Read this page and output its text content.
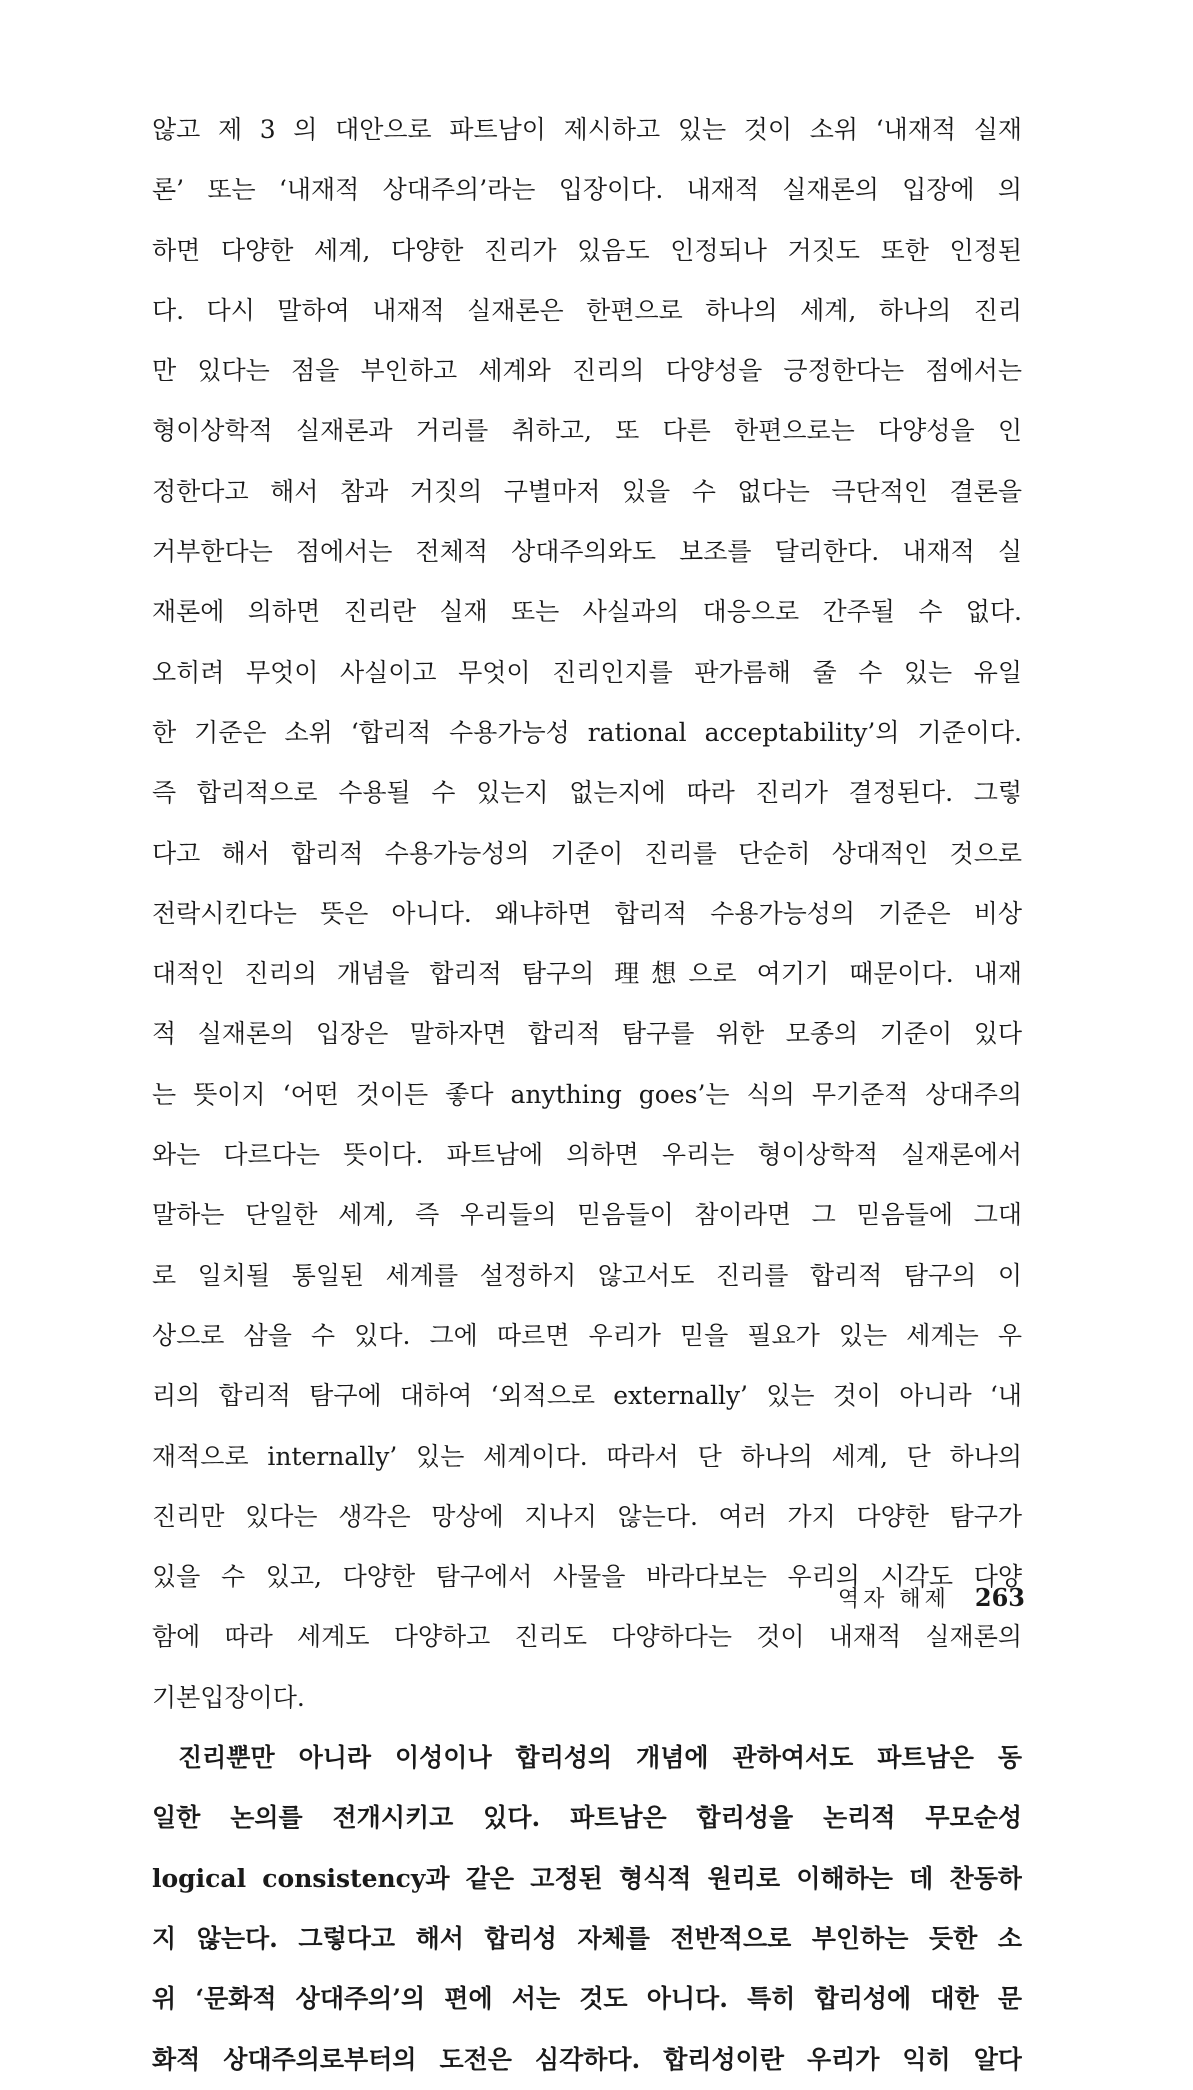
않고 제 3 의 대안으로 파트남이 제시하고 있는 것이 소위 ‘내재적 실재
론’ 또는 ‘내재적 상대주의’라는 입장이다. 내재적 실재론의 입장에 의
하면 다양한 세계, 다양한 진리가 있음도 인정되나 거짓도 또한 인정된
다. 다시 말하여 내재적 실재론은 한편으로 하나의 세계, 하나의 진리
만 있다는 점을 부인하고 세계와 진리의 다양성을 긍정한다는 점에서는
형이상학적 실재론과 거리를 취하고, 또 다른 한편으로는 다양성을 인
정한다고 해서 참과 거짓의 구별마저 있을 수 없다는 극단적인 결론을
거부한다는 점에서는 전체적 상대주의와도 보조를 달리한다. 내재적 실
재론에 의하면 진리란 실재 또는 사실과의 대응으로 간주될 수 없다.
오히려 무엇이 사실이고 무엇이 진리인지를 판가름해 줄 수 있는 유일
한 기준은 소위 ‘합리적 수용가능성 rational acceptability’의 기준이다.
즉 합리적으로 수용될 수 있는지 없는지에 따라 진리가 결정된다. 그렇
다고 해서 합리적 수용가능성의 기준이 진리를 단순히 상대적인 것으로
전락시킨다는 뜻은 아니다. 왜냐하면 합리적 수용가능성의 기준은 비상
대적인 진리의 개념을 합리적 탐구의 理想으로 여기기 때문이다. 내재
적 실재론의 입장은 말하자면 합리적 탐구를 위한 모종의 기준이 있다
는 뜻이지 ‘어떤 것이든 좋다 anything goes’는 식의 무기준적 상대주의
와는 다르다는 뜻이다. 파트남에 의하면 우리는 형이상학적 실재론에서
말하는 단일한 세계, 즉 우리들의 믿음들이 참이라면 그 믿음들에 그대
로 일치될 통일된 세계를 설정하지 않고서도 진리를 합리적 탐구의 이
상으로 삼을 수 있다. 그에 따르면 우리가 믿을 필요가 있는 세계는 우
리의 합리적 탐구에 대하여 ‘외적으로 externally’ 있는 것이 아니라 ‘내
재적으로 internally’ 있는 세계이다. 따라서 단 하나의 세계, 단 하나의
진리만 있다는 생각은 망상에 지나지 않는다. 여러 가지 다양한 탐구가
있을 수 있고, 다양한 탐구에서 사물을 바라다보는 우리의 시각도 다양
함에 따라 세계도 다양하고 진리도 다양하다는 것이 내재적 실재론의
기본입장이다.
진리뿐만 아니라 이성이나 합리성의 개념에 관하여서도 파트남은 동
일한 논의를 전개시키고 있다. 파트남은 합리성을 논리적 무모순성
logical consistency과 같은 고정된 형식적 원리로 이해하는 데 찬동하
지 않는다. 그렇다고 해서 합리성 자체를 전반적으로 부인하는 듯한 소
위 ‘문화적 상대주의’의 편에 서는 것도 아니다. 특히 합리성에 대한 문
화적 상대주의로부터의 도전은 심각하다. 합리성이란 우리가 익히 알다
역자 해제 263
